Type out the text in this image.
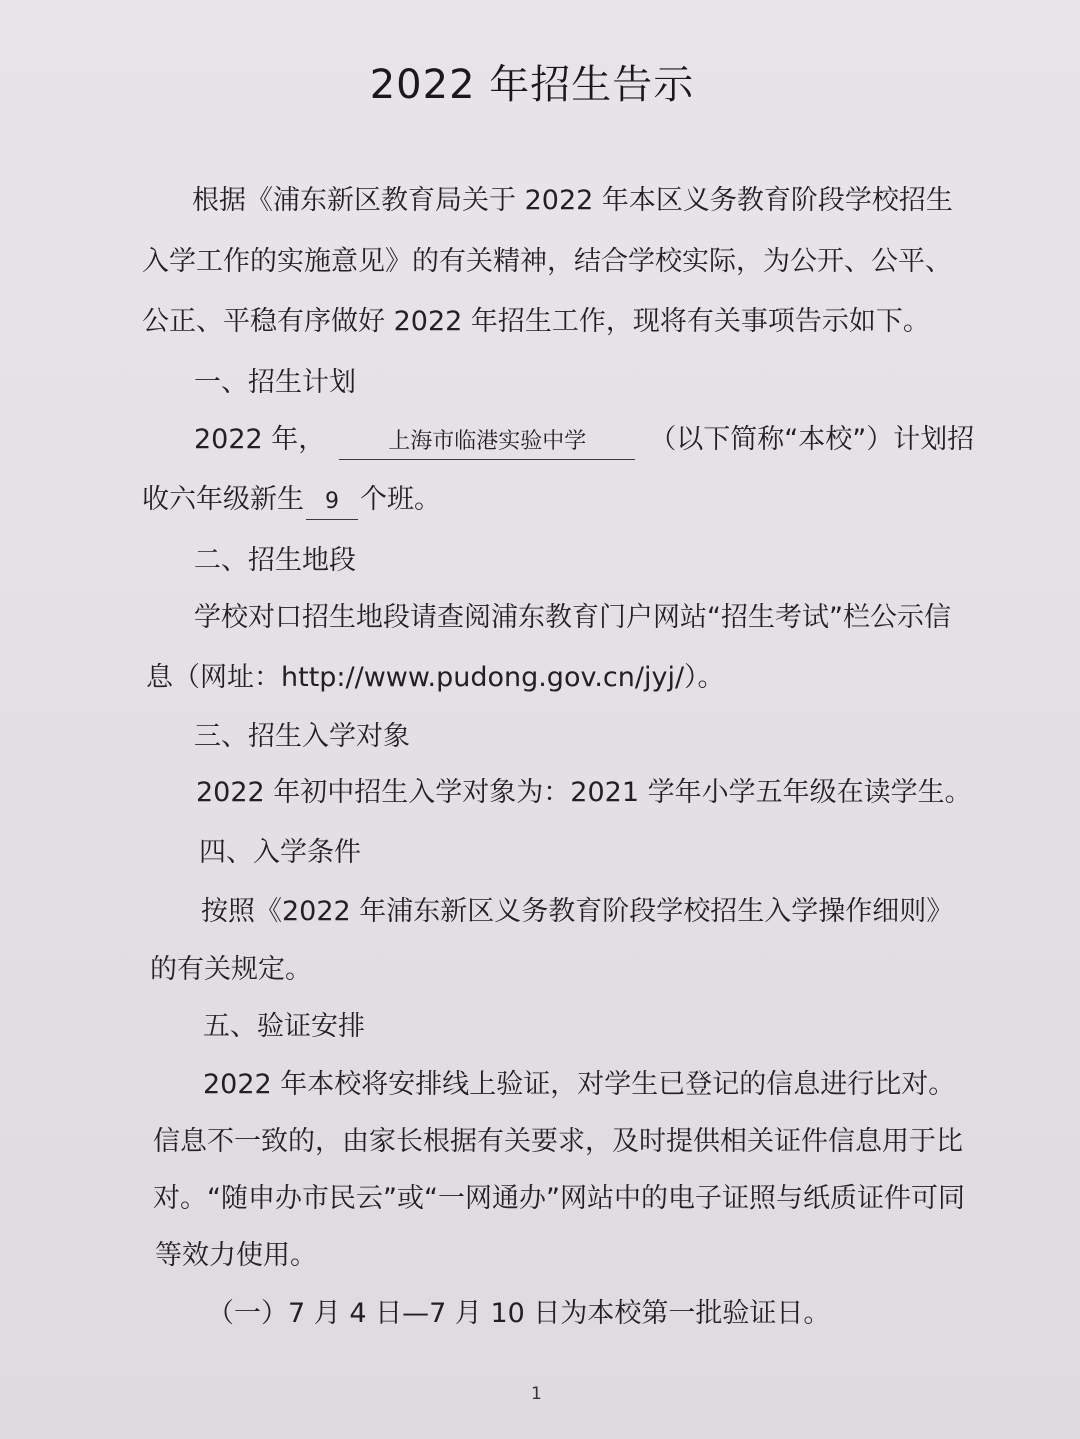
2022 年招生告示
根据《浦东新区教育局关于 2022 年本区义务教育阶段学校招生
入学工作的实施意见》的有关精神，结合学校实际，为公开、公平、
公正、平稳有序做好 2022 年招生工作，现将有关事项告示如下。
一、招生计划
2022 年，	上海市临港实验中学 （以下简称“本校”）计划招
收六年级新生 9 个班。
二、招生地段
学校对口招生地段请查阅浦东教育门户网站“招生考试”栏公示信
息（网址：http://www.pudong.gov.cn/jyj/）。
三、招生入学对象
2022 年初中招生入学对象为：2021 学年小学五年级在读学生。
四、入学条件
按照《2022 年浦东新区义务教育阶段学校招生入学操作细则》
的有关规定。
五、验证安排
2022 年本校将安排线上验证，对学生已登记的信息进行比对。
信息不一致的，由家长根据有关要求，及时提供相关证件信息用于比
对。“随申办市民云”或“一网通办”网站中的电子证照与纸质证件可同
等效力使用。
（一）7 月 4 日—7 月 10 日为本校第一批验证日。
1
